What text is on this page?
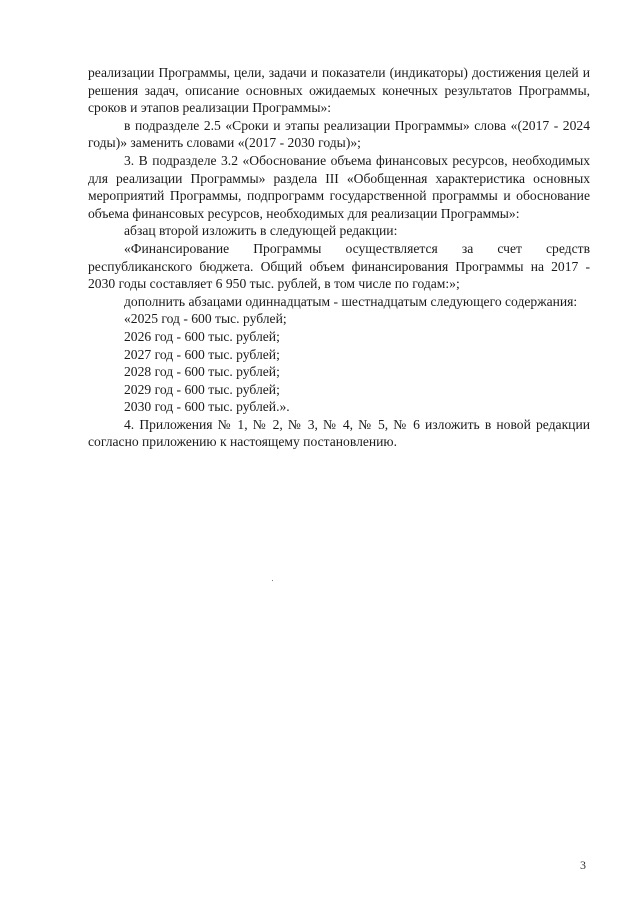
реализации Программы, цели, задачи и показатели (индикаторы) достижения целей и решения задач, описание основных ожидаемых конечных результатов Программы, сроков и этапов реализации Программы»:

в подразделе 2.5 «Сроки и этапы реализации Программы» слова «(2017 - 2024 годы)» заменить словами «(2017 - 2030 годы)»;

3. В подразделе 3.2 «Обоснование объема финансовых ресурсов, необходимых для реализации Программы» раздела III «Обобщенная характеристика основных мероприятий Программы, подпрограмм государственной программы и обоснование объема финансовых ресурсов, необходимых для реализации Программы»:

абзац второй изложить в следующей редакции:

«Финансирование Программы осуществляется за счет средств республиканского бюджета. Общий объем финансирования Программы на 2017 - 2030 годы составляет 6 950 тыс. рублей, в том числе по годам:»;

дополнить абзацами одиннадцатым - шестнадцатым следующего содержания:

«2025 год - 600 тыс. рублей;

2026 год - 600 тыс. рублей;

2027 год - 600 тыс. рублей;

2028 год - 600 тыс. рублей;

2029 год - 600 тыс. рублей;

2030 год - 600 тыс. рублей.».

4. Приложения № 1, № 2, № 3, № 4, № 5, № 6 изложить в новой редакции согласно приложению к настоящему постановлению.

3
